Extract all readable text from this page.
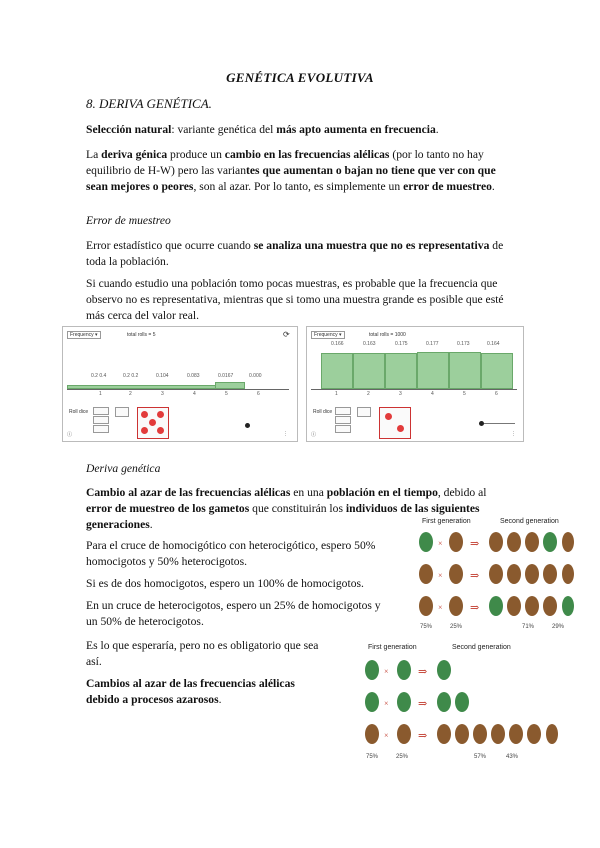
GENÉTICA EVOLUTIVA
8. DERIVA GENÉTICA.

Selección natural: variante genética del más apto aumenta en frecuencia.

La deriva génica produce un cambio en las frecuencias alélicas (por lo tanto no hay equilibrio de H-W) pero las variantes que aumentan o bajan no tiene que ver con que sean mejores o peores, son al azar. Por lo tanto, es simplemente un error de muestreo.

Error de muestreo

Error estadístico que ocurre cuando se analiza una muestra que no es representativa de toda la población.

Si cuando estudio una población tomo pocas muestras, es probable que la frecuencia que observo no es representativa, mientras que si tomo una muestra grande es posible que esté más cerca del valor real.

Frequency ▾	total rolls = 5	⟳
0.2 0.4	0.2 0.2	0.104	0.083	0.0167	0.000
1	2	3	4	5	6
Roll dice
ⓘ	⋮
Frequency ▾	total rolls = 1000
0.166	0.163	0.175	0.177	0.173	0.164
1	2	3	4	5	6
Roll dice
ⓘ	⋮
Deriva genética

Cambio al azar de las frecuencias alélicas en una población en el tiempo, debido al error de muestreo de los gametos que constituirán los individuos de las siguientes generaciones.

Para el cruce de homocigótico con heterocigótico, espero 50% homocigotos y 50% heterocigotos.

Si es de dos homocigotos, espero un 100% de homocigotos.

En un cruce de heterocigotos, espero un 25% de homocigotos y un 50% de heterocigotos.

Es lo que esperaría, pero no es obligatorio que sea así.

Cambios al azar de las frecuencias alélicas debido a procesos azarosos.

First generation	Second generation
× ⇒
× ⇒
× ⇒
75%	25%	71%	29%
First generation	Second generation
×	⇒
×	⇒
×	⇒
75%	25%	57%	43%
